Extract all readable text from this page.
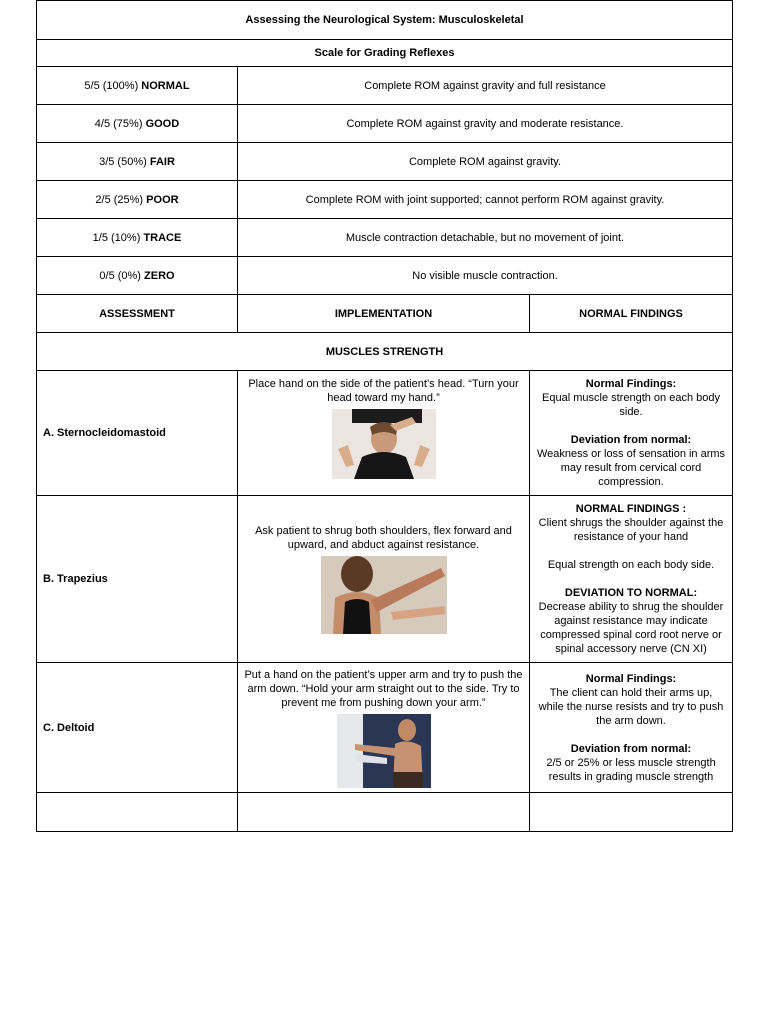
Assessing the Neurological System: Musculoskeletal		
Scale for Grading Reflexes		
5/5 (100%) NORMAL	Complete ROM against gravity and full resistance	
4/5 (75%) GOOD	Complete ROM against gravity and moderate resistance.	
3/5 (50%) FAIR	Complete ROM against gravity.	
2/5 (25%) POOR	Complete ROM with joint supported; cannot perform ROM against gravity.	
1/5 (10%) TRACE	Muscle contraction detachable, but no movement of joint.	
0/5 (0%) ZERO	No visible muscle contraction.	
ASSESSMENT	IMPLEMENTATION	NORMAL FINDINGS
MUSCLES STRENGTH		
A. Sternocleidomastoid	Place hand on the side of the patient’s head. “Turn your head toward my hand.”	Normal Findings:
Equal muscle strength on each body side.
Deviation from normal:
Weakness or loss of sensation in arms may result from cervical cord compression.

B. Trapezius	Ask patient to shrug both shoulders, flex forward and upward, and abduct against resistance.	NORMAL FINDINGS :
Client shrugs the shoulder against the resistance of your hand
Equal strength on each body side.
DEVIATION TO NORMAL:
Decrease ability to shrug the shoulder against resistance may indicate compressed spinal cord root nerve or spinal accessory nerve (CN XI)

C. Deltoid	Put a hand on the patient’s upper arm and try to push the arm down. “Hold your arm straight out to the side. Try to prevent me from pushing down your arm.”	Normal Findings:
The client can hold their arms up, while the nurse resists and try to push the arm down.
Deviation from normal:
2/5 or 25% or less muscle strength results in grading muscle strength
